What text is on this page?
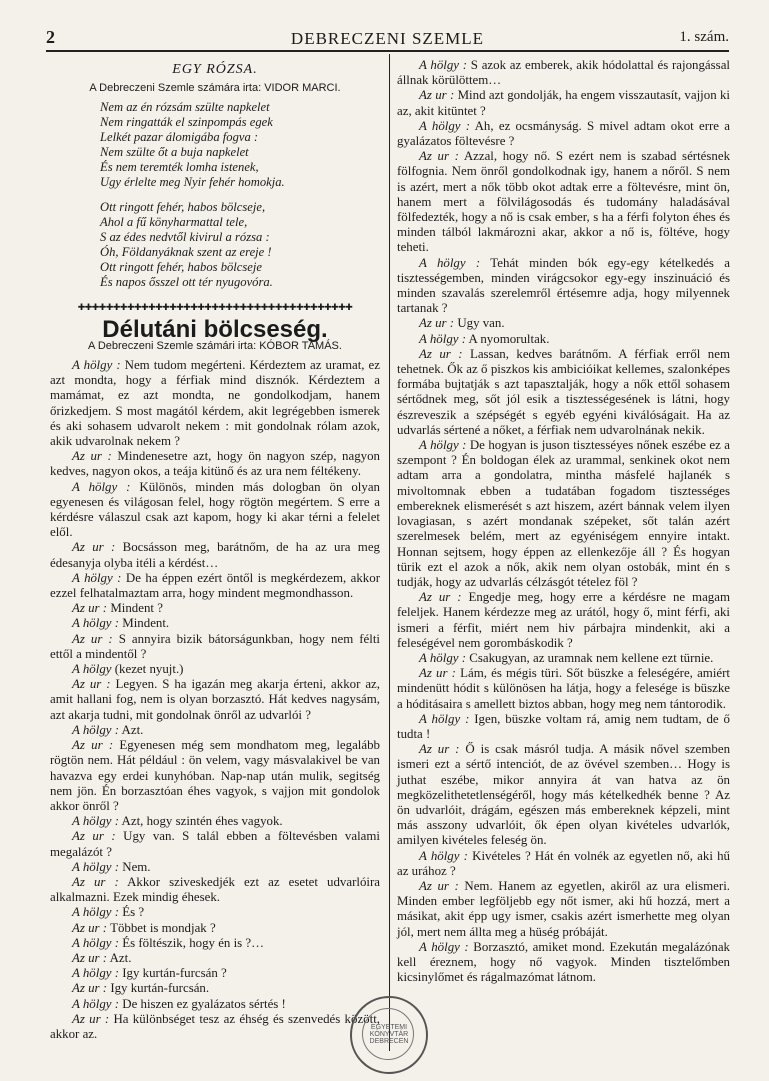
2	DEBRECZENI SZEMLE	1. szám.
EGY RÓZSA.
A Debreczeni Szemle számára irta: VIDOR MARCI.
Nem az én rózsám szülte napkelet
Nem ringatták el szinpompás egek
Lelkét pazar álomigába fogva :
Nem szülte őt a buja napkelet
És nem teremték lomha istenek,
Ugy érlelte meg Nyir fehér homokja.
Ott ringott fehér, habos bölcseje,
Ahol a fű könyharmattal tele,
S az édes nedvtől kivirul a rózsa :
Óh, Földanyáknak szent az ereje !
Ott ringott fehér, habos bölcseje
És napos ősszel ott tér nyugovóra.
✚✚✚✚✚✚✚✚✚✚✚✚✚✚✚✚✚✚✚✚✚✚✚✚✚✚✚✚✚✚✚✚✚✚✚✚✚✚✚
Délutáni bölcseség.
A Debreczeni Szemle számári irta: KÓBOR TAMÁS.

A hölgy : Nem tudom megérteni. Kérdeztem az uramat, ez azt mondta, hogy a férfiak mind disznók. Kérdeztem a mamámat, ez azt mondta, ne gondolkodjam, hanem őrizkedjem. S most magától kérdem, akit legrégebben ismerek és aki sohasem udvarolt nekem : mit gondolnak rólam azok, akik udvarolnak nekem ?

Az ur : Mindenesetre azt, hogy ön nagyon szép, nagyon kedves, nagyon okos, a teája kitünő és az ura nem féltékeny.

A hölgy : Különös, minden más dologban ön olyan egyenesen és világosan felel, hogy rögtön megértem. S erre a kérdésre válaszul csak azt kapom, hogy ki akar térni a felelet elől.

Az ur : Bocsásson meg, barátnőm, de ha az ura meg édesanyja olyba itéli a kérdést…

A hölgy : De ha éppen ezért öntől is megkérdezem, akkor ezzel felhatalmaztam arra, hogy mindent megmondhasson.

Az ur : Mindent ?

A hölgy : Mindent.

Az ur : S annyira bizik bátorságunkban, hogy nem félti ettől a mindentől ?

A hölgy (kezet nyujt.)

Az ur : Legyen. S ha igazán meg akarja érteni, akkor az, amit hallani fog, nem is olyan borzasztó. Hát kedves nagysám, azt akarja tudni, mit gondolnak önről az udvarlói ?

A hölgy : Azt.

Az ur : Egyenesen még sem mondhatom meg, legalább rögtön nem. Hát például : ön velem, vagy másvalakivel be van havazva egy erdei kunyhóban. Nap-nap után mulik, segitség nem jön. Én borzasztóan éhes vagyok, s vajjon mit gondolok akkor önről ?

A hölgy : Azt, hogy szintén éhes vagyok.

Az ur : Ugy van. S talál ebben a föltevésben valami megalázót ?

A hölgy : Nem.

Az ur : Akkor sziveskedjék ezt az esetet udvarlóira alkalmazni. Ezek mindig éhesek.

A hölgy : És ?

Az ur : Többet is mondjak ?

A hölgy : És föltészik, hogy én is ?…

Az ur : Azt.

A hölgy : Igy kurtán-furcsán ?

Az ur : Igy kurtán-furcsán.

A hölgy : De hiszen ez gyalázatos sértés !

Az ur : Ha különbséget tesz az éhség és szenvedés között, akkor az.

A hölgy : S azok az emberek, akik hódolattal és rajongással állnak körülöttem…

Az ur : Mind azt gondolják, ha engem visszautasít, vajjon ki az, akit kitüntet ?

A hölgy : Ah, ez ocsmányság. S mivel adtam okot erre a gyalázatos föltevésre ?

Az ur : Azzal, hogy nő. S ezért nem is szabad sértésnek fölfognia. Nem önről gondolkodnak igy, hanem a nőről. S nem is azért, mert a nők több okot adtak erre a föltevésre, mint ön, hanem mert a fölvilágosodás és tudomány haladásával fölfedezték, hogy a nő is csak ember, s ha a férfi folyton éhes és minden tálból lakmározni akar, akkor a nő is, föltéve, hogy teheti.

A hölgy : Tehát minden bók egy-egy kételkedés a tisztességemben, minden virágcsokor egy-egy inszinuáció és minden szavalás szerelemről értésemre adja, hogy milyennek tartanak ?

Az ur : Ugy van.

A hölgy : A nyomorultak.

Az ur : Lassan, kedves barátnőm. A férfiak erről nem tehetnek. Ők az ő piszkos kis ambicióikat kellemes, szalonképes formába bujtatják s azt tapasztalják, hogy a nők ettől sohasem sértődnek meg, sőt jól esik a tisztességesének is látni, hogy észreveszik a szépségét s egyéb egyéni kiválóságait. Ha az udvarlás sértené a nőket, a férfiak nem udvarolnának nekik.

A hölgy : De hogyan is juson tisztesséyes nőnek eszébe ez a szempont ? Én boldogan élek az urammal, senkinek okot nem adtam arra a gondolatra, mintha másfelé hajlanék s mivoltomnak ebben a tudatában fogadom tisztességes embereknek elismerését s azt hiszem, azért bánnak velem ilyen lovagiasan, s azért mondanak szépeket, sőt talán azért szerelmesek belém, mert az egyéniségem ennyire intakt. Honnan sejtsem, hogy éppen az ellenkezője áll ? És hogyan türik ezt el azok a nők, akik nem olyan ostobák, mint én s tudják, hogy az udvarlás célzásgót tételez föl ?

Az ur : Engedje meg, hogy erre a kérdésre ne magam feleljek. Hanem kérdezze meg az urától, hogy ő, mint férfi, aki ismeri a férfit, miért nem hiv párbajra mindenkit, aki a feleségével nem gorombáskodik ?

A hölgy : Csakugyan, az uramnak nem kellene ezt türnie.

Az ur : Lám, és mégis türi. Sőt büszke a feleségére, amiért mindenütt hódit s különösen ha látja, hogy a felesége is büszke a hóditásaira s amellett biztos abban, hogy meg nem tántorodik.

A hölgy : Igen, büszke voltam rá, amig nem tudtam, de ő tudta !

Az ur : Ő is csak másról tudja. A másik nővel szemben ismeri ezt a sértő intenciót, de az övével szemben… Hogy is juthat eszébe, mikor annyira át van hatva az ön megközelithetetlenségéről, hogy más kételkedhék benne ? Az ön udvarlóit, drágám, egészen más embereknek képzeli, mint más asszony udvarlóit, ők épen olyan kivételes udvarlók, amilyen kivételes feleség ön.

A hölgy : Kivételes ? Hát én volnék az egyetlen nő, aki hű az urához ?

Az ur : Nem. Hanem az egyetlen, akiről az ura elismeri. Minden ember legföljebb egy nőt ismer, aki hű hozzá, mert a másikat, akit épp ugy ismer, csakis azért ismerhette meg olyan jól, mert nem állta meg a hüség próbáját.

A hölgy : Borzasztó, amiket mond. Ezekután megalázónak kell éreznem, hogy nő vagyok. Minden tisztelőmben kicsinylőmet és rágalmazómat látnom.

EGYETEMI KÖNYVTÁR
DEBRECEN
